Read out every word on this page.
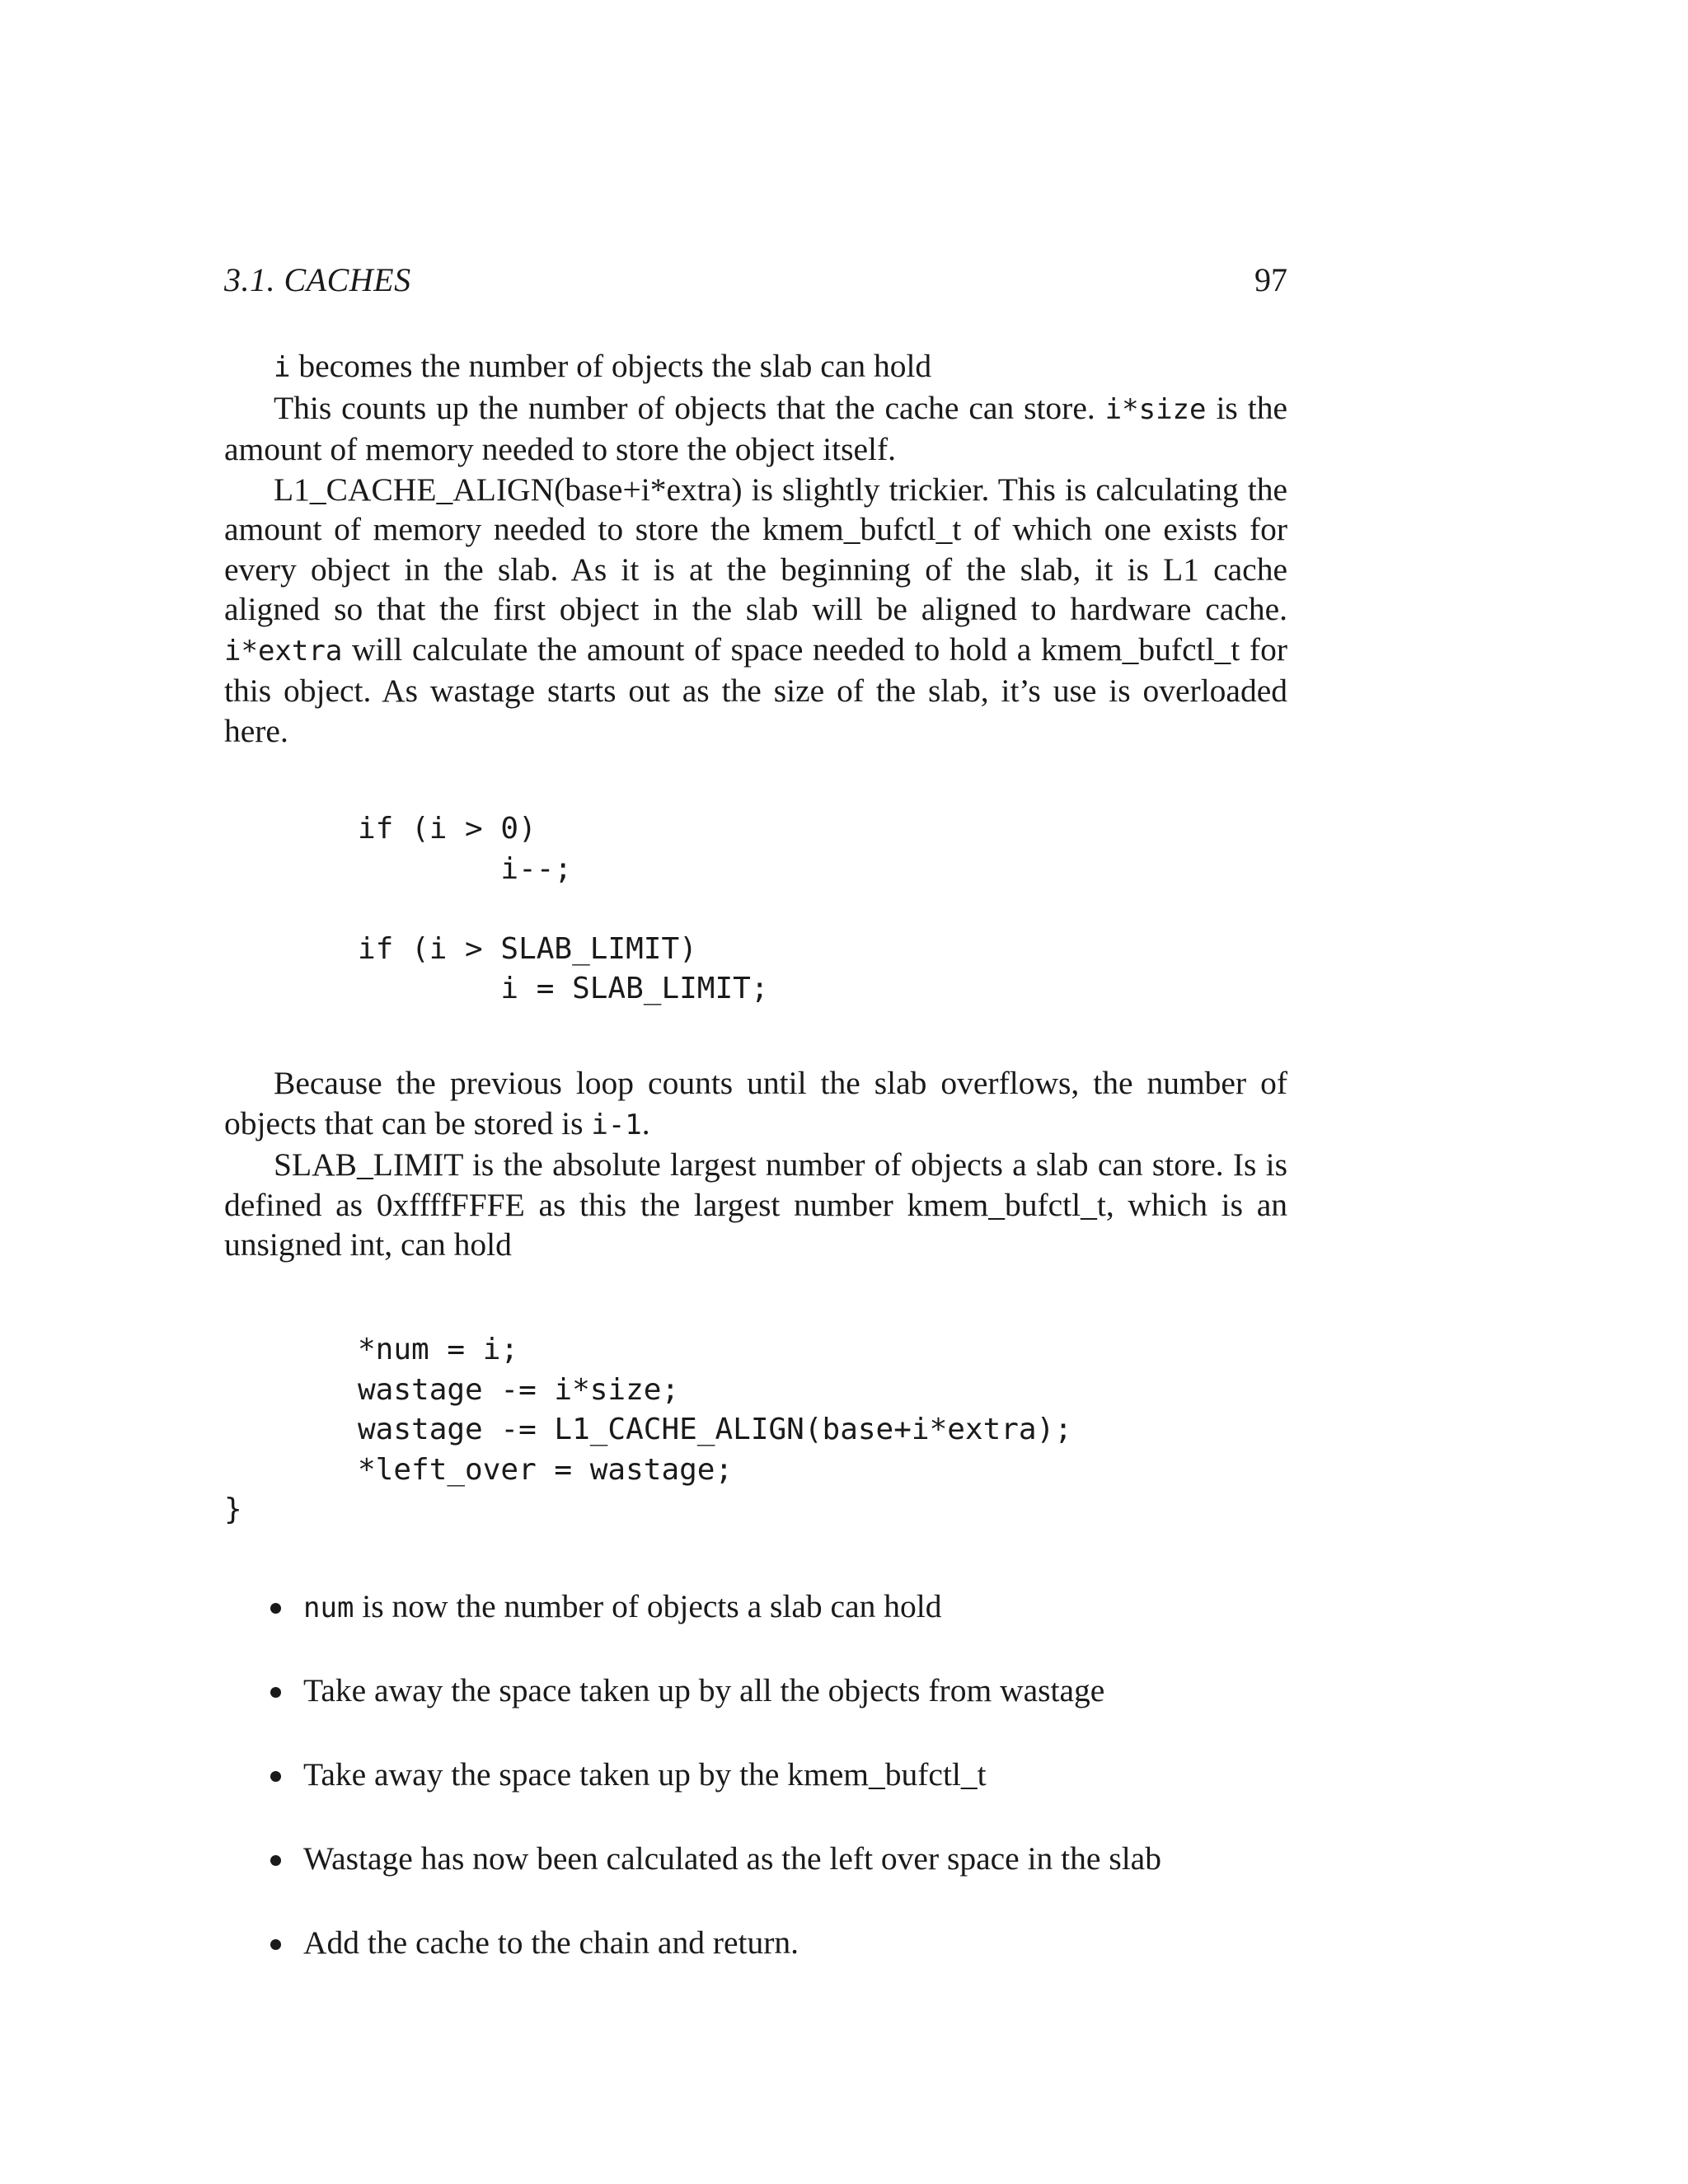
3.1. CACHES	97

i becomes the number of objects the slab can hold

This counts up the number of objects that the cache can store. i*size is the amount of memory needed to store the object itself.

L1_CACHE_ALIGN(base+i*extra) is slightly trickier. This is calculating the amount of memory needed to store the kmem_bufctl_t of which one exists for every object in the slab. As it is at the beginning of the slab, it is L1 cache aligned so that the first object in the slab will be aligned to hardware cache. i*extra will calculate the amount of space needed to hold a kmem_bufctl_t for this object. As wastage starts out as the size of the slab, it’s use is overloaded here.

if (i > 0)
i--;

if (i > SLAB_LIMIT)
i = SLAB_LIMIT;

Because the previous loop counts until the slab overflows, the number of objects that can be stored is i-1.

SLAB_LIMIT is the absolute largest number of objects a slab can store. Is is defined as 0xffffFFFE as this the largest number kmem_bufctl_t, which is an unsigned int, can hold

*num = i;
wastage -= i*size;
wastage -= L1_CACHE_ALIGN(base+i*extra);
*left_over = wastage;
}
num is now the number of objects a slab can hold
Take away the space taken up by all the objects from wastage
Take away the space taken up by the kmem_bufctl_t
Wastage has now been calculated as the left over space in the slab
Add the cache to the chain and return.
